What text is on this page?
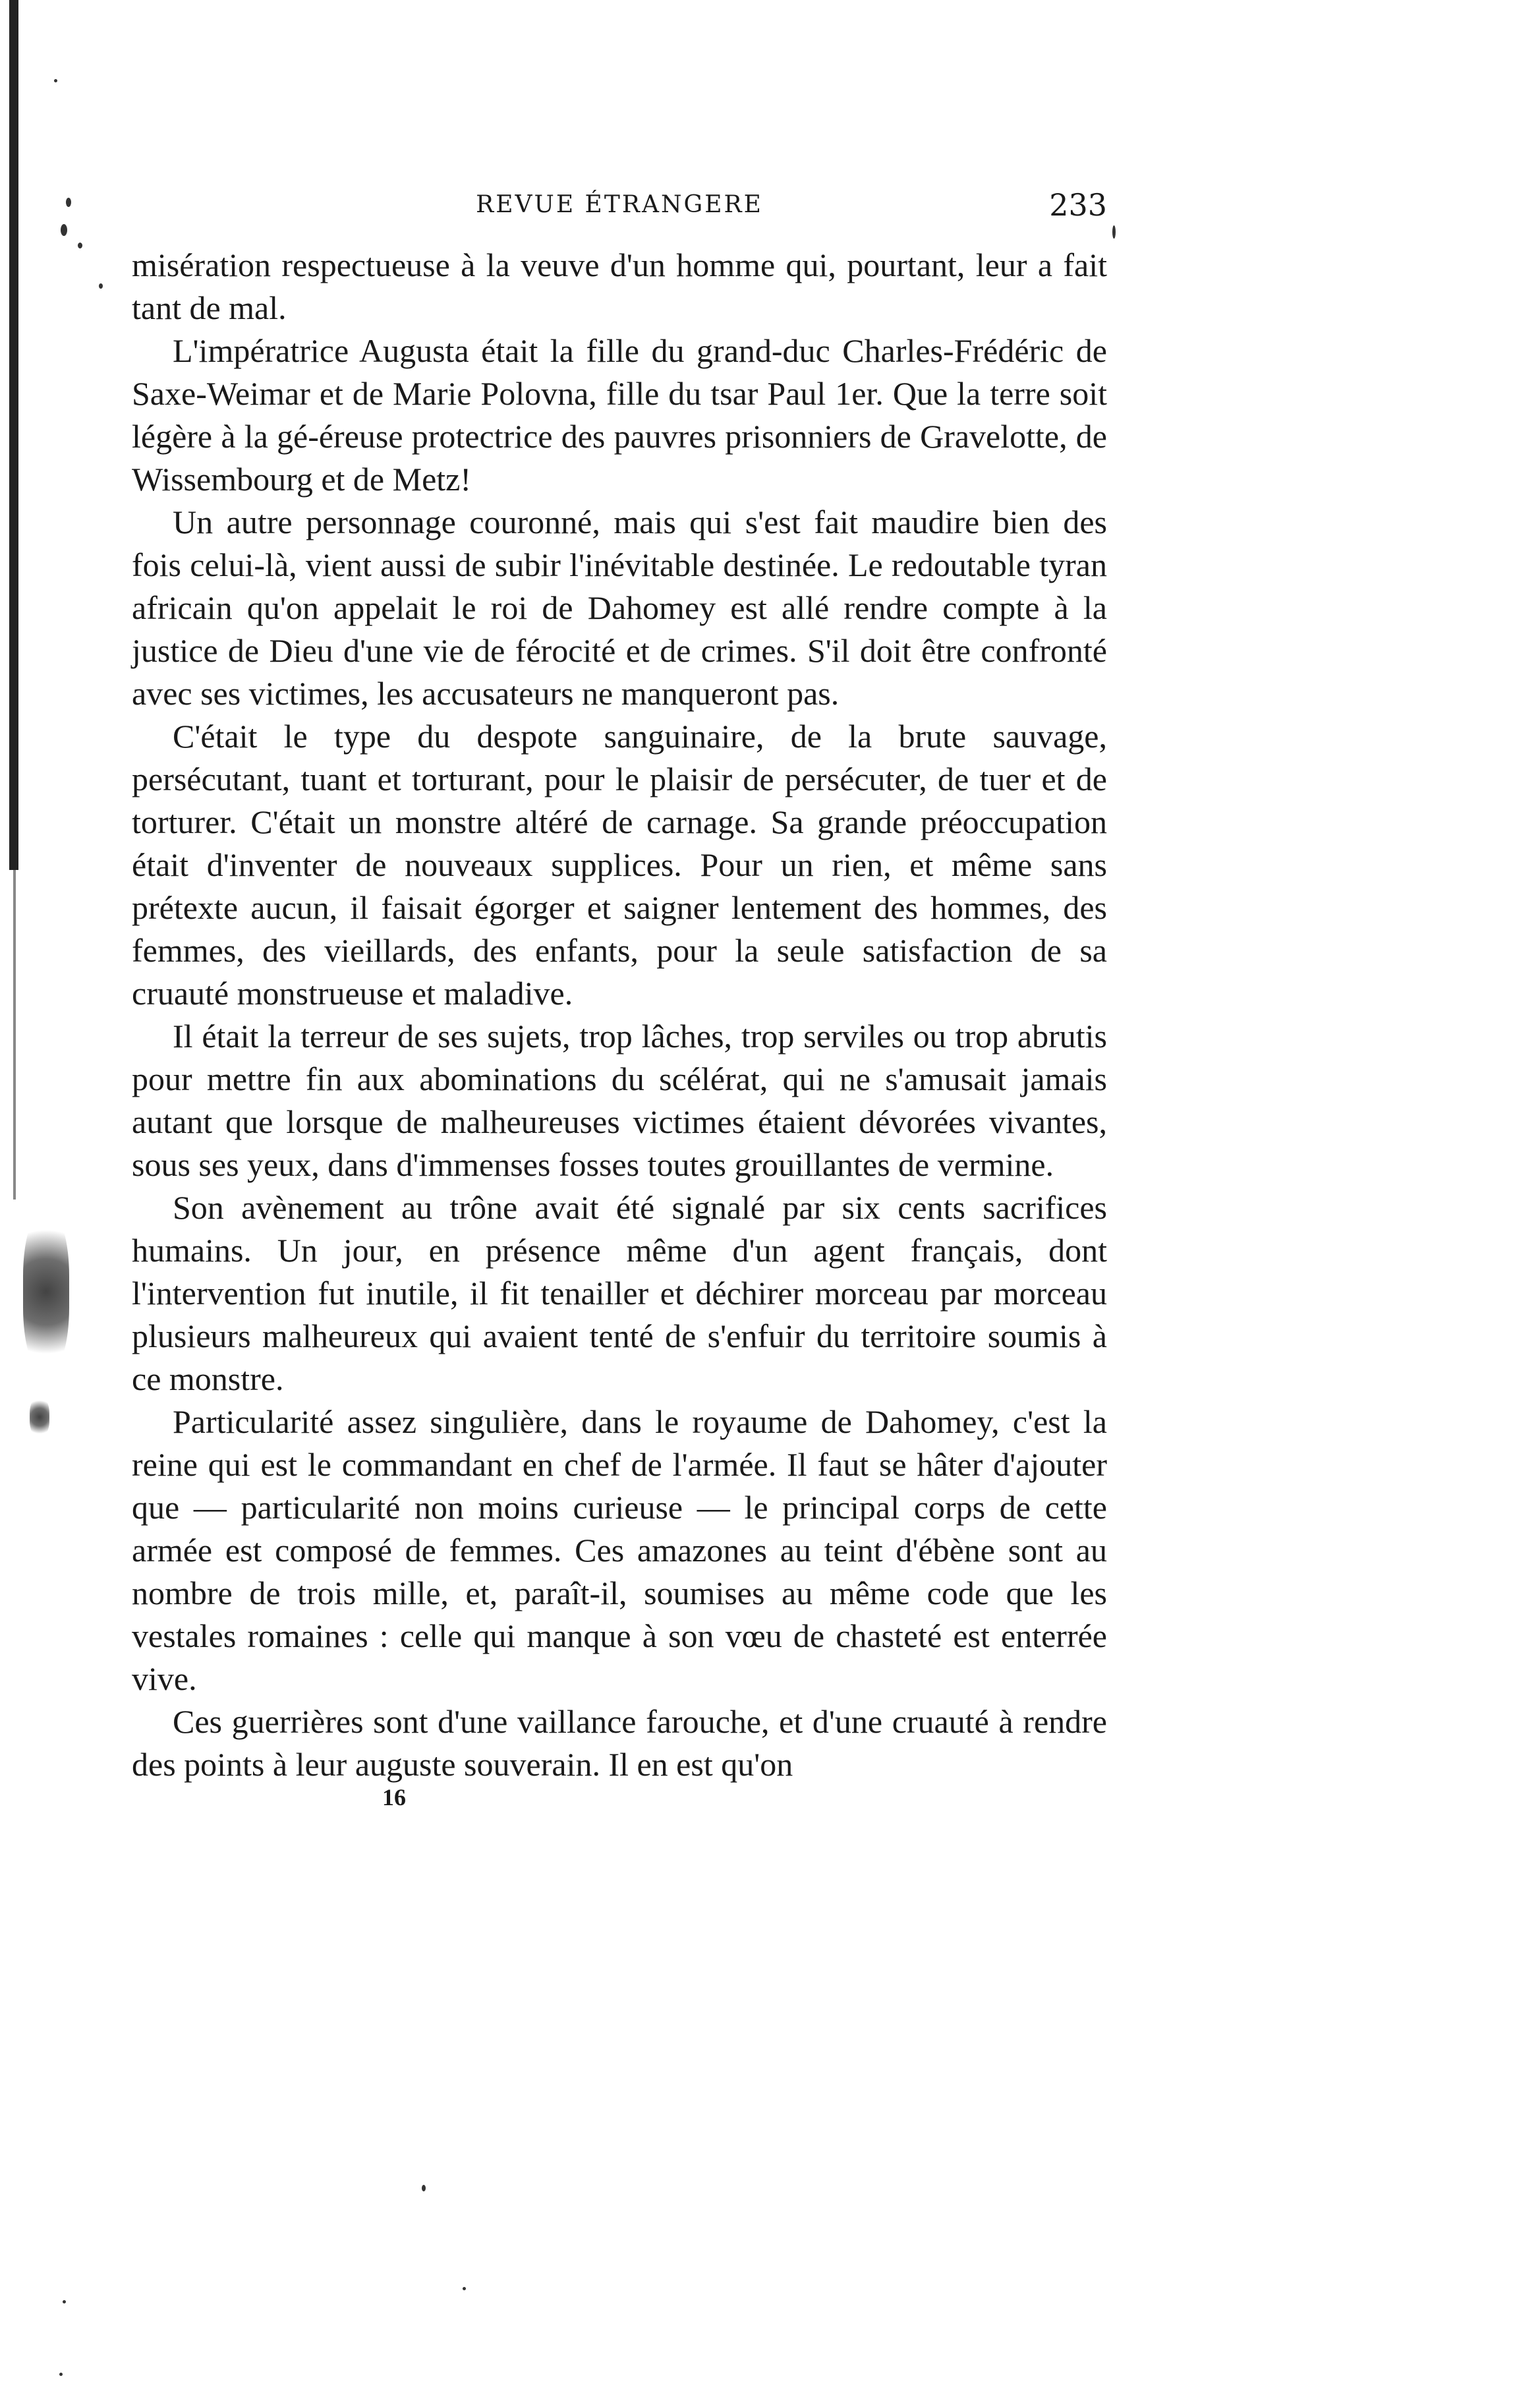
REVUE ÉTRANGERE	233

misération respectueuse à la veuve d'un homme qui, pourtant, leur a fait tant de mal.

L'impératrice Augusta était la fille du grand-duc Charles-Frédéric de Saxe-Weimar et de Marie Polovna, fille du tsar Paul 1er. Que la terre soit légère à la gé-éreuse protectrice des pauvres prisonniers de Gravelotte, de Wissembourg et de Metz!

Un autre personnage couronné, mais qui s'est fait maudire bien des fois celui-là, vient aussi de subir l'inévitable destinée. Le redoutable tyran africain qu'on appelait le roi de Dahomey est allé rendre compte à la justice de Dieu d'une vie de férocité et de crimes. S'il doit être confronté avec ses victimes, les accusateurs ne manqueront pas.

C'était le type du despote sanguinaire, de la brute sauvage, persécutant, tuant et torturant, pour le plaisir de persécuter, de tuer et de torturer. C'était un monstre altéré de carnage. Sa grande préoccupation était d'inventer de nouveaux supplices. Pour un rien, et même sans prétexte aucun, il faisait égorger et saigner lentement des hommes, des femmes, des vieillards, des enfants, pour la seule satisfaction de sa cruauté monstrueuse et maladive.

Il était la terreur de ses sujets, trop lâches, trop serviles ou trop abrutis pour mettre fin aux abominations du scélérat, qui ne s'amusait jamais autant que lorsque de malheureuses victimes étaient dévorées vivantes, sous ses yeux, dans d'immenses fosses toutes grouillantes de vermine.

Son avènement au trône avait été signalé par six cents sacrifices humains. Un jour, en présence même d'un agent français, dont l'intervention fut inutile, il fit tenailler et déchirer morceau par morceau plusieurs malheureux qui avaient tenté de s'enfuir du territoire soumis à ce monstre.

Particularité assez singulière, dans le royaume de Dahomey, c'est la reine qui est le commandant en chef de l'armée. Il faut se hâter d'ajouter que — particularité non moins curieuse — le principal corps de cette armée est composé de femmes. Ces amazones au teint d'ébène sont au nombre de trois mille, et, paraît-il, soumises au même code que les vestales romaines : celle qui manque à son vœu de chasteté est enterrée vive.

Ces guerrières sont d'une vaillance farouche, et d'une cruauté à rendre des points à leur auguste souverain. Il en est qu'on

16
